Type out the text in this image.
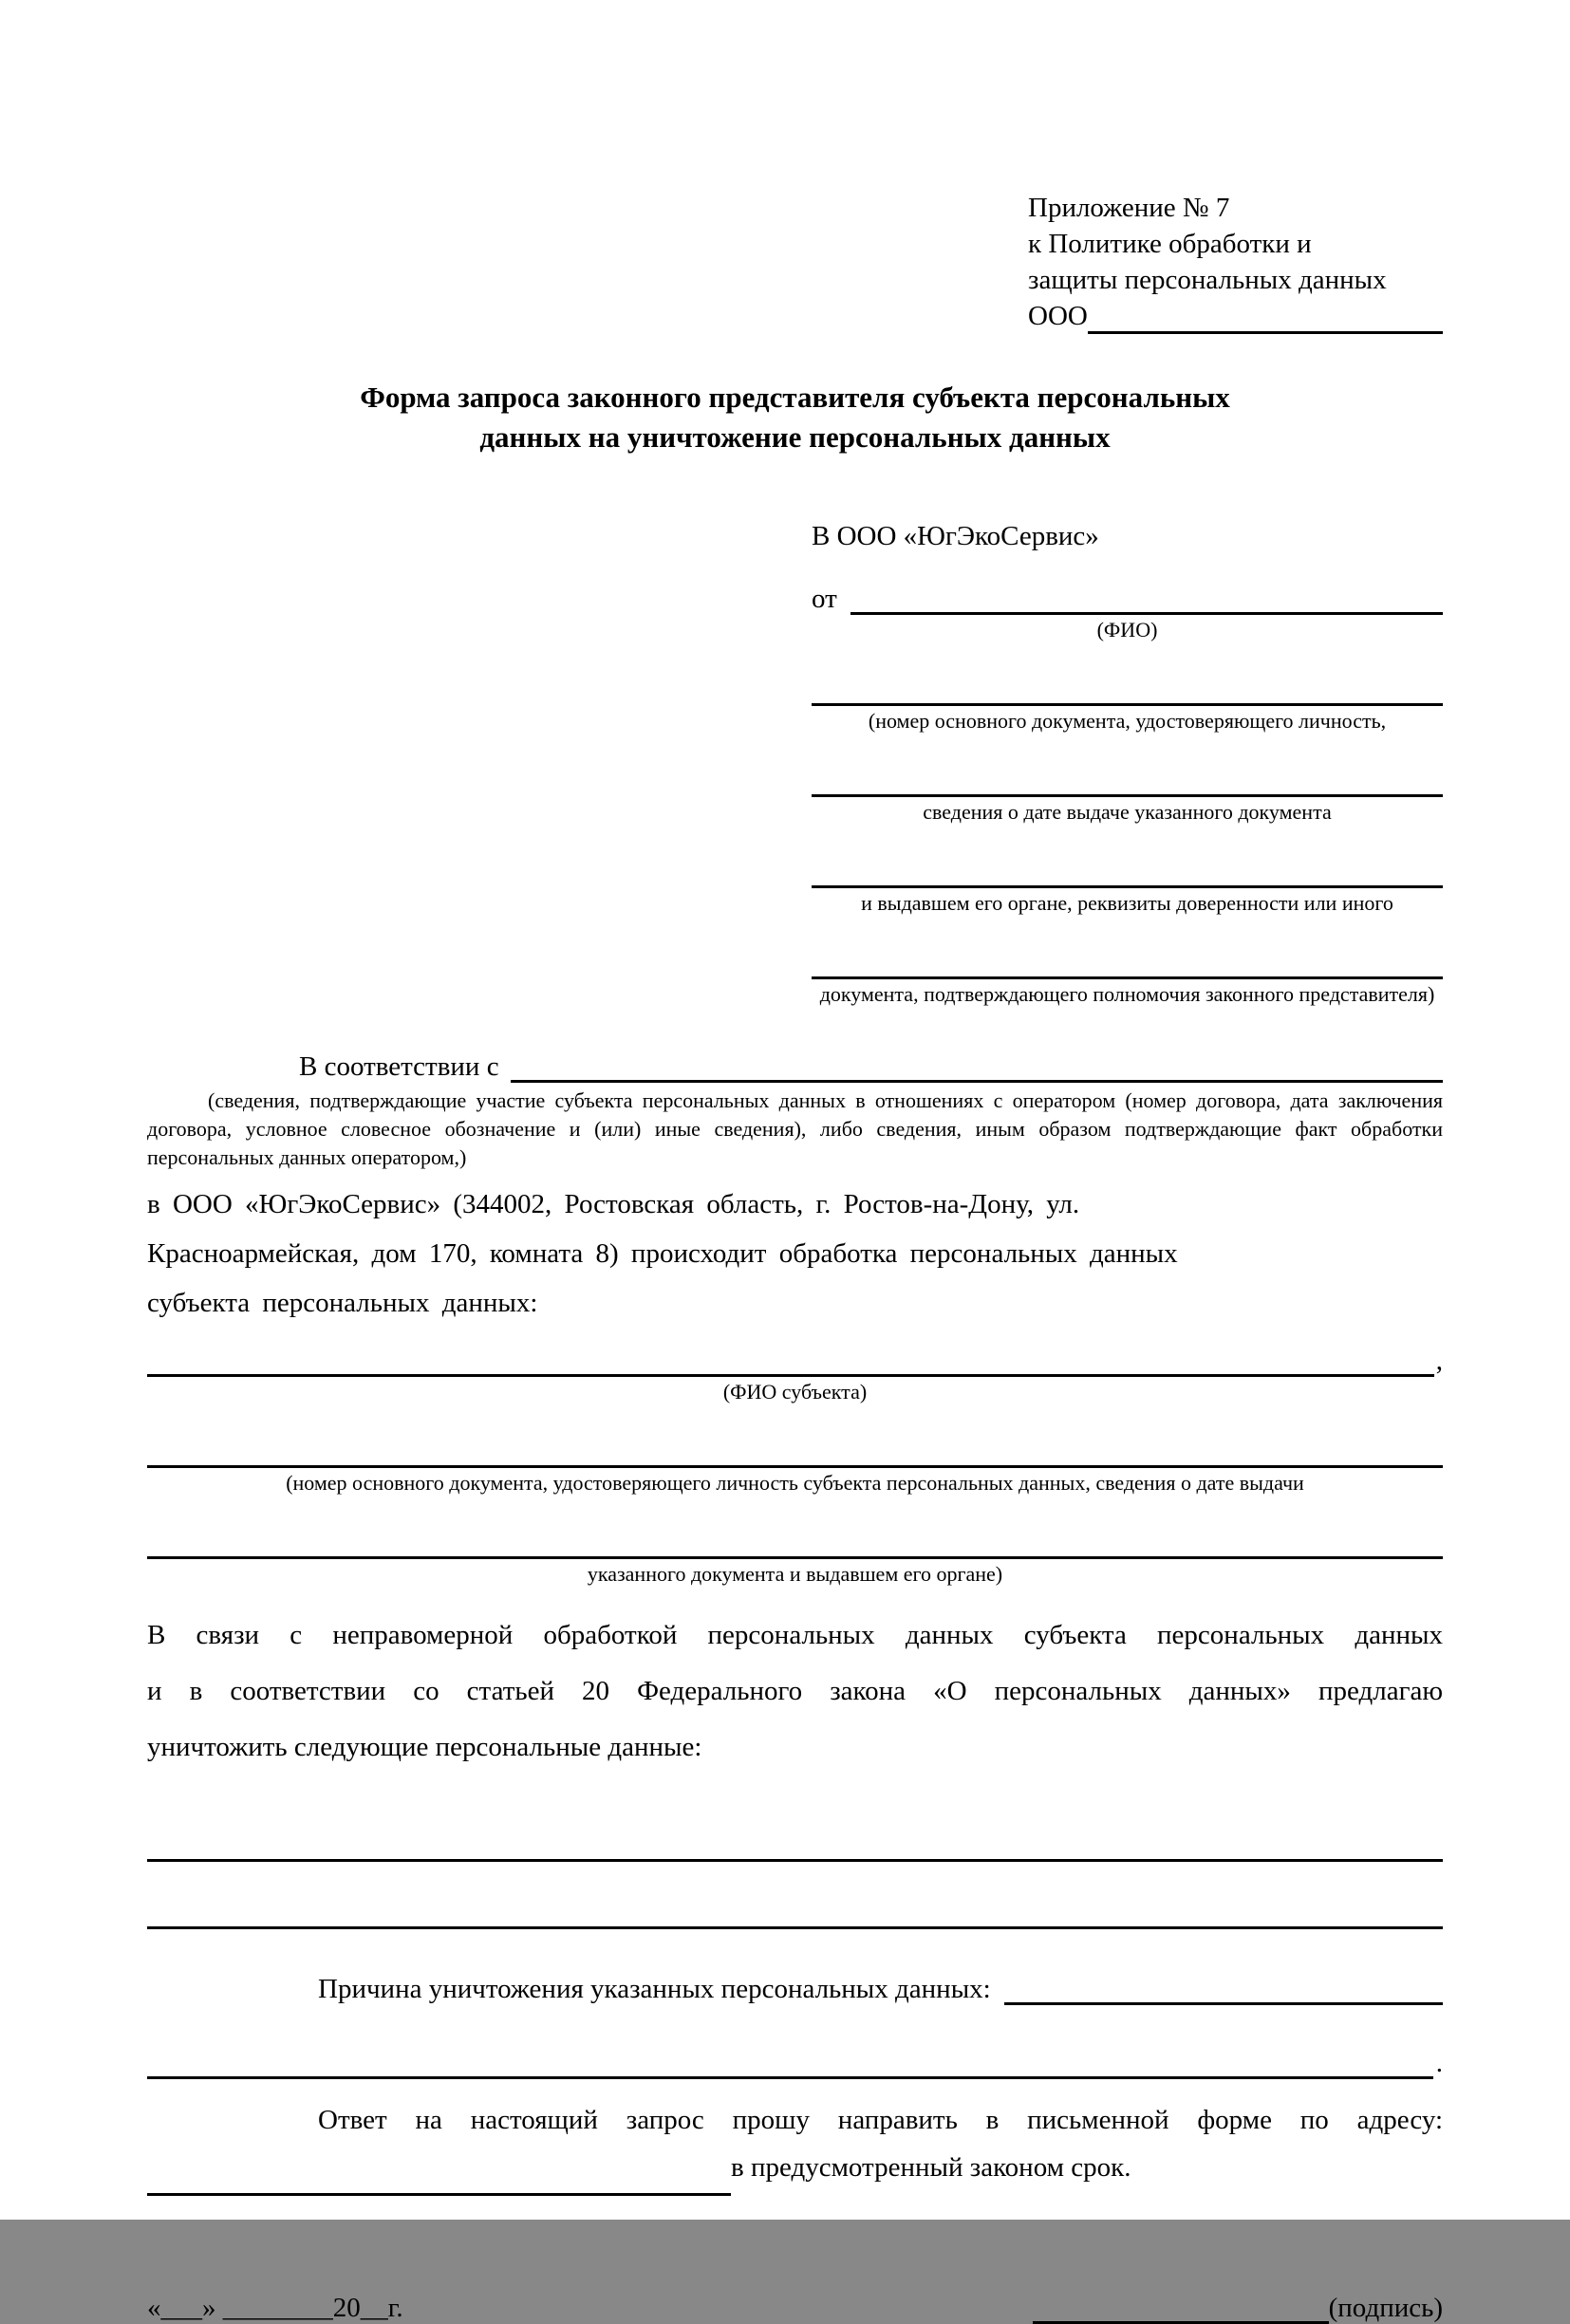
Приложение № 7
к Политике обработки и
защиты персональных данных
ООО
Форма запроса законного представителя субъекта персональных
данных на уничтожение персональных данных
В ООО «ЮгЭкоСервис»
от
(ФИО)
(номер основного документа, удостоверяющего личность,
сведения о дате выдаче указанного документа
и выдавшем его органе, реквизиты доверенности или иного
документа, подтверждающего полномочия законного представителя)
В соответствии с
(сведения, подтверждающие участие субъекта персональных данных в отношениях с оператором (номер договора, дата заключения договора, условное словесное обозначение и (или) иные сведения), либо сведения, иным образом подтверждающие факт обработки персональных данных оператором,)
в ООО «ЮгЭкоСервис» (344002, Ростовская область, г. Ростов-на-Дону, ул.
Красноармейская, дом 170, комната 8) происходит обработка персональных данных
субъекта персональных данных:
,
(ФИО субъекта)
(номер основного документа, удостоверяющего личность субъекта персональных данных, сведения о дате выдачи
указанного документа и выдавшем его органе)
В связи с неправомерной обработкой персональных данных субъекта персональных данных
и в соответствии со статьей 20 Федерального закона «О персональных данных» предлагаю
уничтожить следующие персональные данные:
Причина уничтожения указанных персональных данных:
.
Ответ на настоящий запрос прошу направить в письменной форме по адресу:
в предусмотренный законом срок.
«___» ________20__г.	(подпись)
